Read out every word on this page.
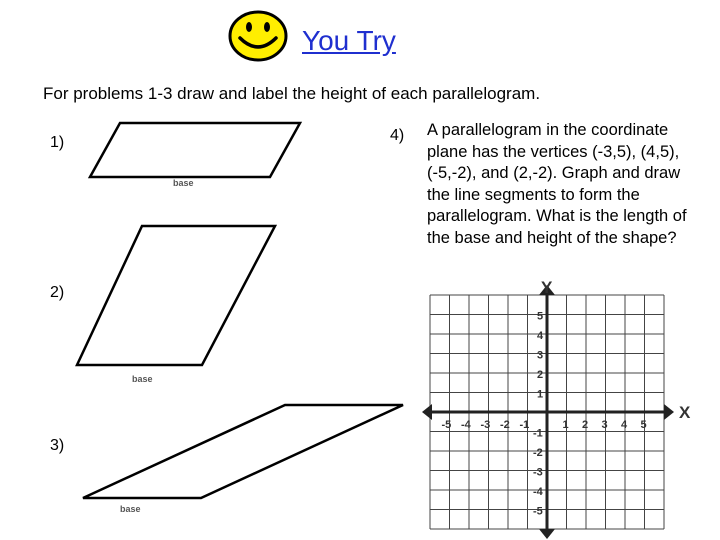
You Try
For problems 1-3 draw and label the height of each parallelogram.
1)
2)
3)
4) A parallelogram in the coordinate plane has the vertices (-3,5), (4,5), (-5,-2), and (2,-2). Graph and draw the line segments to form the parallelogram. What is the length of the base and height of the shape?
base
base
base
X
Y
-5 -4 -3 -2 -1	1 2 3 4 5
5
4
3
2
1
-1
-2
-3
-4
-5
